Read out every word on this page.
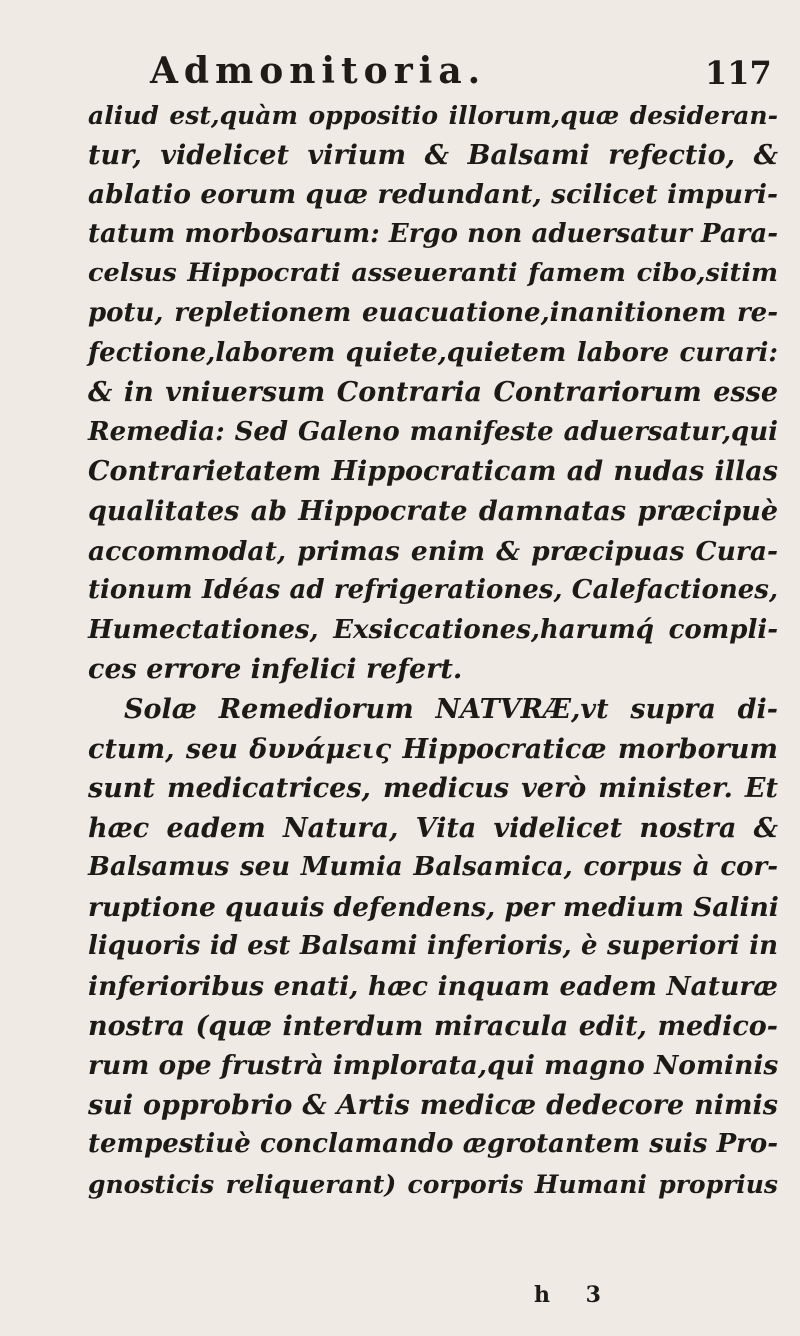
Admonitoria.	117
aliud est,quàm oppositio illorum,quæ desideran-
tur, videlicet virium & Balsami refectio, &
ablatio eorum quæ redundant, scilicet impuri-
tatum morbosarum: Ergo non aduersatur Para-
celsus Hippocrati asseueranti famem cibo,sitim
potu, repletionem euacuatione,inanitionem re-
fectione,laborem quiete,quietem labore curari:
& in vniuersum Contraria Contrariorum esse
Remedia: Sed Galeno manifeste aduersatur,qui
Contrarietatem Hippocraticam ad nudas illas
qualitates ab Hippocrate damnatas præcipuè
accommodat, primas enim & præcipuas Cura-
tionum Idéas ad refrigerationes, Calefactiones,
Humectationes, Exsiccationes,harumq́ compli-
ces errore infelici refert.
Solæ Remediorum NATVRÆ,vt supra di-
ctum, seu δυνάμεις Hippocraticæ morborum
sunt medicatrices, medicus verò minister. Et
hæc eadem Natura, Vita videlicet nostra &
Balsamus seu Mumia Balsamica, corpus à cor-
ruptione quauis defendens, per medium Salini
liquoris id est Balsami inferioris, è superiori in
inferioribus enati, hæc inquam eadem Naturæ
nostra (quæ interdum miracula edit, medico-
rum ope frustrà implorata,qui magno Nominis
sui opprobrio & Artis medicæ dedecore nimis
tempestiuè conclamando ægrotantem suis Pro-
gnosticis reliquerant) corporis Humani proprius
h 3
